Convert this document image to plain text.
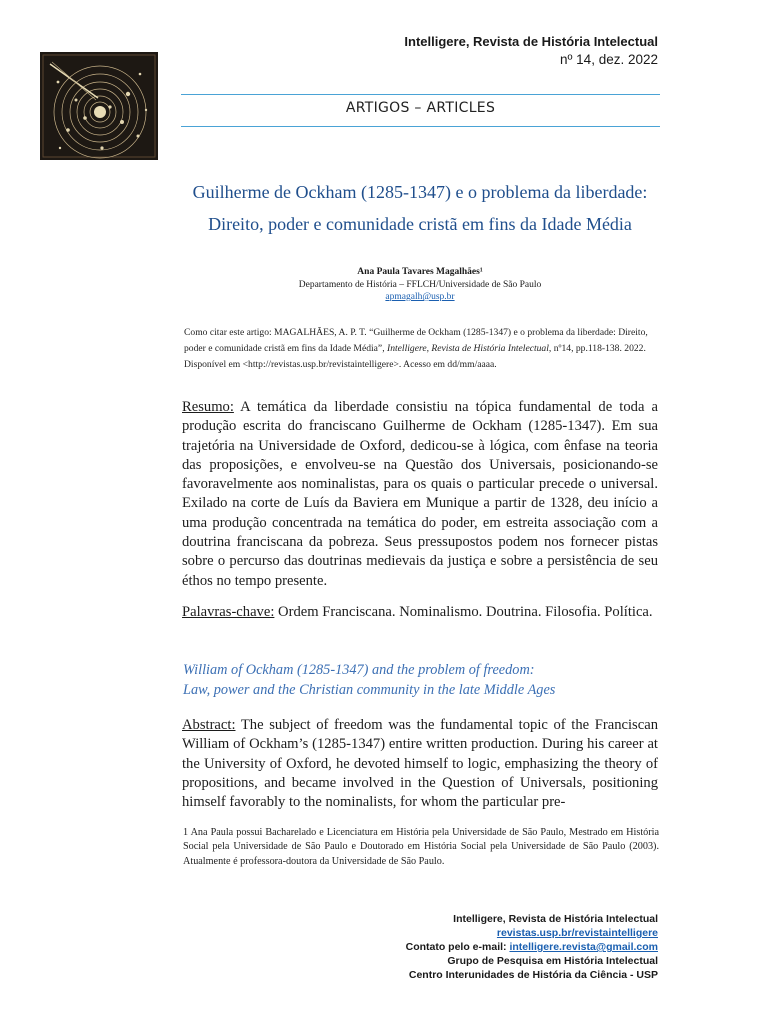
Intelligere, Revista de História Intelectual
nº 14, dez. 2022
ARTIGOS – ARTICLES
Guilherme de Ockham (1285-1347) e o problema da liberdade:
Direito, poder e comunidade cristã em fins da Idade Média
Ana Paula Tavares Magalhães¹
Departamento de História – FFLCH/Universidade de São Paulo
apmagalh@usp.br
Como citar este artigo: MAGALHÃES, A. P. T. “Guilherme de Ockham (1285-1347) e o problema da liberdade: Direito, poder e comunidade cristã em fins da Idade Média”, Intelligere, Revista de História Intelectual, nº14, pp.118-138. 2022. Disponível em <http://revistas.usp.br/revistaintelligere>. Acesso em dd/mm/aaaa.
Resumo: A temática da liberdade consistiu na tópica fundamental de toda a produção escrita do franciscano Guilherme de Ockham (1285-1347). Em sua trajetória na Universidade de Oxford, dedicou-se à lógica, com ênfase na teoria das proposições, e envolveu-se na Questão dos Universais, posicionando-se favoravelmente aos nominalistas, para os quais o particular precede o universal. Exilado na corte de Luís da Baviera em Munique a partir de 1328, deu início a uma produção concentrada na temática do poder, em estreita associação com a doutrina franciscana da pobreza. Seus pressupostos podem nos fornecer pistas sobre o percurso das doutrinas medievais da justiça e sobre a persistência de seu éthos no tempo presente.
Palavras-chave: Ordem Franciscana. Nominalismo. Doutrina. Filosofia. Política.
William of Ockham (1285-1347) and the problem of freedom:
Law, power and the Christian community in the late Middle Ages
Abstract: The subject of freedom was the fundamental topic of the Franciscan William of Ockham’s (1285-1347) entire written production. During his career at the University of Oxford, he devoted himself to logic, emphasizing the theory of propositions, and became involved in the Question of Universals, positioning himself favorably to the nominalists, for whom the particular pre-
1 Ana Paula possui Bacharelado e Licenciatura em História pela Universidade de São Paulo, Mestrado em História Social pela Universidade de São Paulo e Doutorado em História Social pela Universidade de São Paulo (2003). Atualmente é professora-doutora da Universidade de São Paulo.
Intelligere, Revista de História Intelectual
revistas.usp.br/revistaintelligere
Contato pelo e-mail: intelligere.revista@gmail.com
Grupo de Pesquisa em História Intelectual
Centro Interunidades de História da Ciência - USP
